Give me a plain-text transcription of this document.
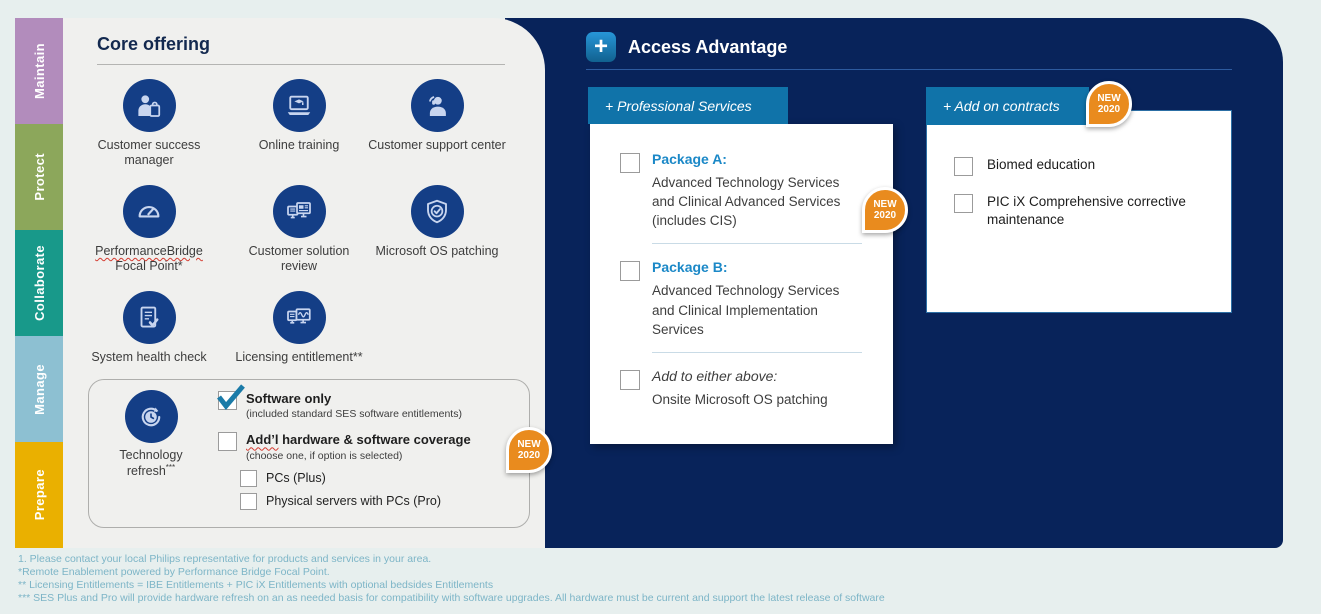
Maintain
Protect
Collaborate
Manage
Prepare
Core offering
Customer success manager
Online training Customer support center
PerformanceBridge
Focal Point*
Customer solution review
Microsoft OS patching
System health check Licensing entitlement**
Technology
refresh***
Software only
(included standard SES software entitlements)
Add’l hardware & software coverage
(choose one, if option is selected)
PCs (Plus)
Physical servers with PCs (Pro)
NEW
2020
+ Access Advantage
+ Professional Services
Package A:
Advanced Technology Services and Clinical Advanced Services (includes CIS)
Package B:
Advanced Technology Services and Clinical Implementation Services
Add to either above:
Onsite Microsoft OS patching
NEW
2020
Biomed education
PIC iX Comprehensive corrective maintenance
+ Add on contracts	NEW
2020
1. Please contact your local Philips representative for products and services in your area.
*Remote Enablement powered by Performance Bridge Focal Point.
** Licensing Entitlements = IBE Entitlements + PIC iX Entitlements with optional bedsides Entitlements
*** SES Plus and Pro will provide hardware refresh on an as needed basis for compatibility with software upgrades. All hardware must be current and support the latest release of software
